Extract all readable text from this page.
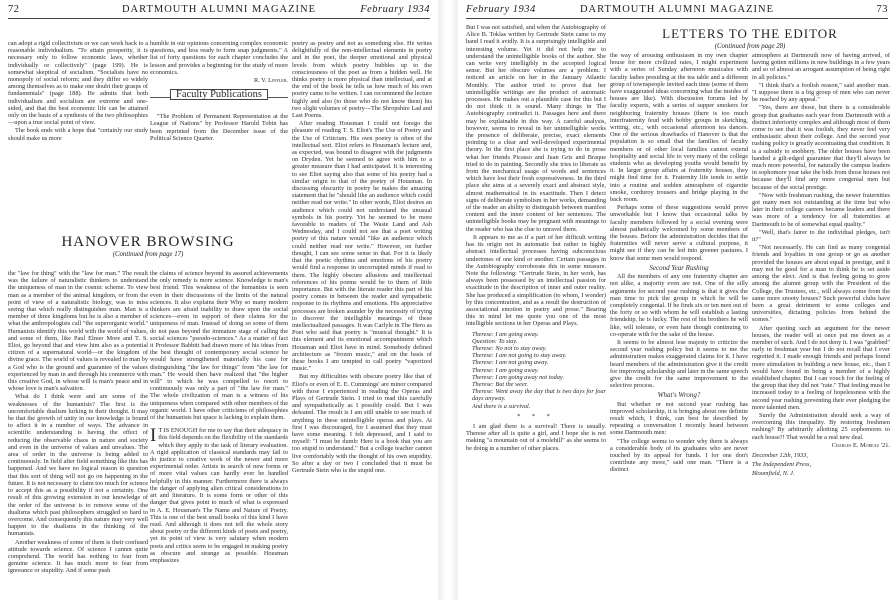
72	DARTMOUTH ALUMNI MAGAZINE	February 1934

can adopt a rigid collectivism or we can work back to a reasonable individualism. "To attain prosperity, it is necessary only to follow economic laws, whether individually or collectively" (page 199). He is somewhat skeptical of socialism. "Socialists have no monopoly of social reform; and they differ so widely among themselves as to make one doubt their grasps of fundamentals" (page 188). He admits that both individualism and socialism are extreme and one-sided, and that the best economic life can be attained only on the basis of a synthesis of the two philosophies—upon a true social point of view.

The book ends with a hope that "certainly our study should make us more

humble in our opinions concerning complex economic questions, and less ready to form snap judgments." A list of forty questions for each chapter concludes the lesson and provides a beginning for the study of more economics.

R. V. Leffler.
Faculty Publications

"The Problem of Permanent Representation at the League of Nations" by Professor Harold Tobin has been reprinted from the December issue of the Political Science Quarter.

poetry as poetry and not as something else. He writes delightfully of the non-intellectual elements in poetry and in the poet, the deeper emotional and physical levels from which poetry bubbles up to the consciousness of the poet as from a hidden well. He thinks poetry is more physical than intellectual, and at the end of the book he tells us how much of his own poetry came to be written. I can recommend the lecture highly and also (to those who do not know them) his two slight volumes of poetry—The Shropshire Lad and Last Poems.

After reading Housman I could not forego the pleasure of reading T. S. Eliot's The Use of Poetry and the Use of Criticism. His own poetry is often of the intellectual sort. Eliot refers to Housman's lecture and, as expected, was bound to disagree with the judgments on Dryden. Yet he seemed to agree with him to a greater measure than I had anticipated. It is interesting to see Eliot saying also that some of his poetry had a similar origin to that of the poetry of Housman. In discussing obscurity in poetry he makes the amazing statement that he "should like an audience which could neither read nor write." In other words, Eliot desires an audience which could not understand the unusual symbols in his poetry. Yet he seemed to be more favorable to readers of The Waste Land and Ash Wednesday, and I could not see that a poet writing poetry of this nature would "like an audience which could neither read nor write." However, on further thought, I can see some sense in that. For it is likely that the poetic rhythms and emotions of his poetry would find a response in uncorrupted minds if read to them. The highly obscure allusions and intellectual references of his poems would be to them of little importance. But with the literate reader this part of his poetry comes in between the reader and sympathetic response to its rhythms and emotions. His appreciative processes are broken asunder by the necessity of trying to discover the intelligible meanings of these intellectualized passages. It was Carlyle in The Hero as Poet who said that poetry is "musical thought." It is this element and its emotional accompaniment which Housman and Eliot have in mind. Somebody defined architecture as "frozen music," and on the basis of these books I am tempted to call poetry "vaporized music."

But my difficulties with obscure poetry like that of Eliot's or even of E. E. Cummings' are minor compared with those I experienced in reading the Operas and Plays of Gertrude Stein. I tried to read this carefully and sympathetically as I possibly could. But I was defeated. The result is I am still unable to see much of anything in these unintelligible operas and plays. At first I was discouraged, for I assumed that they must have some meaning. I felt depressed, and I said to myself: "I must be dumb: Here is a book that you are too stupid to understand." But a college teacher cannot live comfortably with the thought of his own stupidity. So after a day or two I concluded that it must be Gertrude Stein who is the stupid one.

HANOVER BROWSING
(Continued from page 17)

the "law for thing" with the "law for man." The result was the failure of naturalistic thinkers to understand the uniqueness of man in the cosmic scheme. To view man as a member of the animal kingdom, or from the point of view of a naturalistic biology, was to miss seeing that which really distinguishes man. Man is a member of three kingdoms but he is also a member of what the anthropologists call "the superorganic world." Humanists identify this world with the world of values, and some of them, like Paul Elmer More and T. S. Eliot, go beyond that and view him also as a potential citizen of a supernatural world—or the kingdom of divine grace. The world of values is revealed to man by a God who is the ground and guarantee of the values experienced by man in and through his commerce with this creative God, in whose will is man's peace and in whose love is man's salvation.

What do I think were and are some of the weaknesses of the humanists? The first is the uncomfortable dualism lurking in their thought. It may be that the growth of unity in our knowledge is bound to affect it in a number of ways. The advance in scientific understanding is having the effect of reducing the observable chaos in nature and society and even in the universe of values and unvalues. The area of order in the universe is being added to continuously. In field after field something like this has happened. And we have no logical reason to question that this sort of thing will not go on happening in the future. It is not necessary to claim too much for science to accept this as a possibility if not a certainty. One result of this growing extension in our knowledge of the order of the universe is to remove some of the dualisms which past philosophers struggled so hard to overcome. And consequently this nature may very well happen to the dualisms in the thinking of the humanists.

Another weakness of some of them is their confused attitude towards science. Of science I cannot quite comprehend. The world has nothing to fear from genuine science. It has much more to fear from ignorance or stupidity. And if some push

the claims of science beyond its assured achievements the only remedy is more science. Knowledge is man's best friend. This weakness of the humanists is seen even in their discussions of the limits of the natural sciences. It also explains their Why so many modern thinkers are afraid inability to draw upon the social sciences—even in support of their claims for the uniqueness of man. Instead of doing so some of them do not pass beyond the immature stage of calling the social sciences "pseudo-sciences." As a matter of fact it Professor Babbitt had drawn more of his ideas from the best thought of contemporary social science he would have strengthened materially his case for distinguishing "the law for things" from "the law for man." He would then have realized that "the higher will" to which he was compelled to resort to continuously was only a part of "the law for man." The whole civilization of man is a witness of his uniqueness when compared with other members of the organic world. I have other criticisms of philosophies of the humanists but space is lacking to explain them.

I T IS ENOUGH for me to say that their adequacy in this field depends on the flexibility of the standards which they apply to the task of literary evaluation. A rigid application of classical standards may fail to do justice to creative work of the newer and more experimental order. Artists in search of new forms or of more vital values can hardly ever be handled helpfully in this manner. Furthermore there is always the danger of applying alien critical considerations to art and literature. It is some form or other of this danger that gives point to much of what is expressed in A. E. Housman's The Name and Nature of Poetry. This is one of the best small books of this kind I have read. And although it does not tell the whole story about poetry or the different kinds of poets and poetry, yet its point of view is very salutary when modern poets and critics seem to be engaged in making poetry as obscure and strange as possible. Housman emphasizes

February 1934	DARTMOUTH ALUMNI MAGAZINE	73

But I was not satisfied, and when the Autobiography of Alice B. Toklas written by Gertrude Stein came to my hand I read it avidly. It is a surprisingly intelligible and interesting volume. Yet it did not help me to understand the unintelligible books of the author. She can write very intelligibly in the accepted logical sense. But her obscure volumes are a problem. I noticed an article on her in the January Atlantic Monthly. The author tried to prove that her unintelligible writings are the product of automatic processes. He makes out a plausible case for this but I do not think it is sound. Many things in The Autobiography contradict it. Passages here and there may be explainable in this way. A careful analysis, however, seems to reveal in her unintelligible works the presence of deliberate, precise, exact elements pointing to a clear and well-developed experimental theory. In the first place she is trying to do in prose what her friends Picasso and Juan Gris and Braque tried to do in painting. Secondly she tries to liberate us from the mechanical usage of words and sentences which have lost their fresh expressiveness. In the third place she aims at a severely exact and abstract style, almost mathematical in its exactitude. Then I detect signs of deliberate symbolism in her works, demanding of the reader an ability to distinguish between manifest content and the inner content of her sentences. The unintelligible books may be pregnant with meanings to the reader who has the clue to unravel them.

It appears to me as if a part of her difficult writing has its origin not in automatic but rather in highly abstract intellectual processes having subconscious undertones of one kind or another. Certain passages in the Autobiography corroborate this in some measure. Note the following: "Gertrude Stein, in her work, has always been possessed by an intellectual passion for exactitude in the description of inner and outer reality. She has produced a simplification (to whom, I wonder) by this concentration, and as a result the destruction of associational emotion in poetry and prose." Bearing this in mind let me quote you one of the most intelligible sections in her Operas and Plays.

Therese: I am going away.
Question: To stay.
Therese: No not to stay away.
Therese: I am not going to stay away.
Therese: I am not going away.
Therese: I am going away.
Therese: I am going away not today.
Therese: But the weer.
Therese: Went away the day that is two days for four days anyway.
And there is a survival.
* * *

I am glad there is a survival! There is usually. Therese after all is quite a girl, and I hope she is not making "a mountain out of a molehill" as she seems to be doing in a number of other places.

LETTERS TO THE EDITOR
(Continued from page 28)

the way of arousing enthusiasm in my own chapter house for more civilized rates, I might experiment with a series of Sunday afternoon musicales with faculty ladies presiding at the tea table and a different group of townspeople invited each time (some of them have exaggerated ideas concerning what the insides of houses are like). With discussion forums led by faculty experts, with a series of supper smokers for neighboring fraternity houses (there is too much interfraternity feud with hobby groups in sketching, writing, etc., with occasional afternoon tea dances. One of the serious drawbacks of Hanover is that the population is so small that the families of faculty members or of other local families cannot extend hospitality and social life to very many of the college students who as developing youths would benefit by it. In larger group affairs at fraternity houses, they might find time for it. Fraternity life tends to settle into a routine and sodden atmosphere of cigarette smoke, corduroy trousers and bridge playing in the back room.

Perhaps some of these suggestions would prove unworkable but I know that occasional talks by faculty members followed by a social evening were almost pathetically welcomed by some members of the houses. Before the administration decides that the fraternities will never serve a cultural purpose, it might see if they can be led into greener pastures. I know that some men would respond.

Second Year Rushing

All the members of any one fraternity chapter are not alike, a majority even are not. One of the silly arguments for second year rushing is that it gives the man time to pick the group in which he will be completely congenial. If he finds six or ten men out of the forty or so with whom he will establish a lasting friendship, he is lucky. The rest of his brothers he will like, will tolerate, or even hate though continuing to co-operate with for the sake of the house.

It seems to be almost lese majesty to criticize the second year rushing policy but it seems to me the administration makes exaggerated claims for it. I have heard members of the administration give it the credit for improving scholarship and later in the same speech give the credit for the same improvement to the selective process.

What's Wrong?

But whether or not second year rushing has improved scholarship, it is bringing about one definite result which, I think, can best be described by repeating a conversation I recently heard between some Dartmouth men:

"The college seems to wonder why there is always a considerable body of its graduates who are never touched by its appeal for funds. I for one don't contribute any more," said one man. "There is a distinct

atmosphere at Dartmouth now of having arrived, of having gotten millions in new buildings in a few years and so of almost an arrogant assumption of being right in all policies."

"I think that's a foolish reason," said another man. "I suppose there is a big group of men who can never be reached by any appeal."

"Yes, there are those, but there is a considerable group that graduates each year from Dartmouth with a distinct inferiority complex and although most of them come to see that it was foolish, they never feel very enthusiastic about their college. And the second year rushing policy is greatly accentuating that condition. It is a subsidy to snobbery. The older houses have been handed a gilt-edged guarantee that they'll always be much more powerful, for naturally the campus leaders in sophomore year take the bids from those houses not because they'll find any more congenial men but because of the social prestige.

"Now with freshman rushing, the newer fraternities got many men not outstanding at the time but who later in their college careers became leaders and there was more of a tendency for all fraternities at Dartmouth to be of somewhat equal quality."

"Well, that's fairer to the individual pledges, isn't it?"

"Not necessarily. He can find as many congenial friends and loyalties in one group or go as another provided the houses are about equal in prestige, and it may not be good for a man to think he is set aside among the elect. And is that feeling going to grow among the alumni group with the President of the College, the Trustees, etc., will always come from the same more snooty houses? Such powerful clubs have been a great detriment to some colleges and universities, dictating policies from behind the scenes."

After quoting such an argument for the newer houses, the reader will at once put me down as a member of such. And I do not deny it. I was "grabbed" early in freshman year but I do not recall that I ever regretted it. I made enough friends and perhaps found more stimulation in building a new house, etc., than I would have found in being a member of a highly established chapter. But I can vouch for the feeling of the group that they did not "rate." That feeling must be increased today to a feeling of hopelessness with the second year rushing preventing their ever pledging the more talented men.

Surely the Administration should seek a way of overcoming this inequality. By restoring freshmen rushing? By arbitrarily allotting 25 sophomores to each house?! That would be a real new deal.

Charles E. Moreau '21.
December 12th, 1933,
The Independent Press,
Bloomfield, N. J.
